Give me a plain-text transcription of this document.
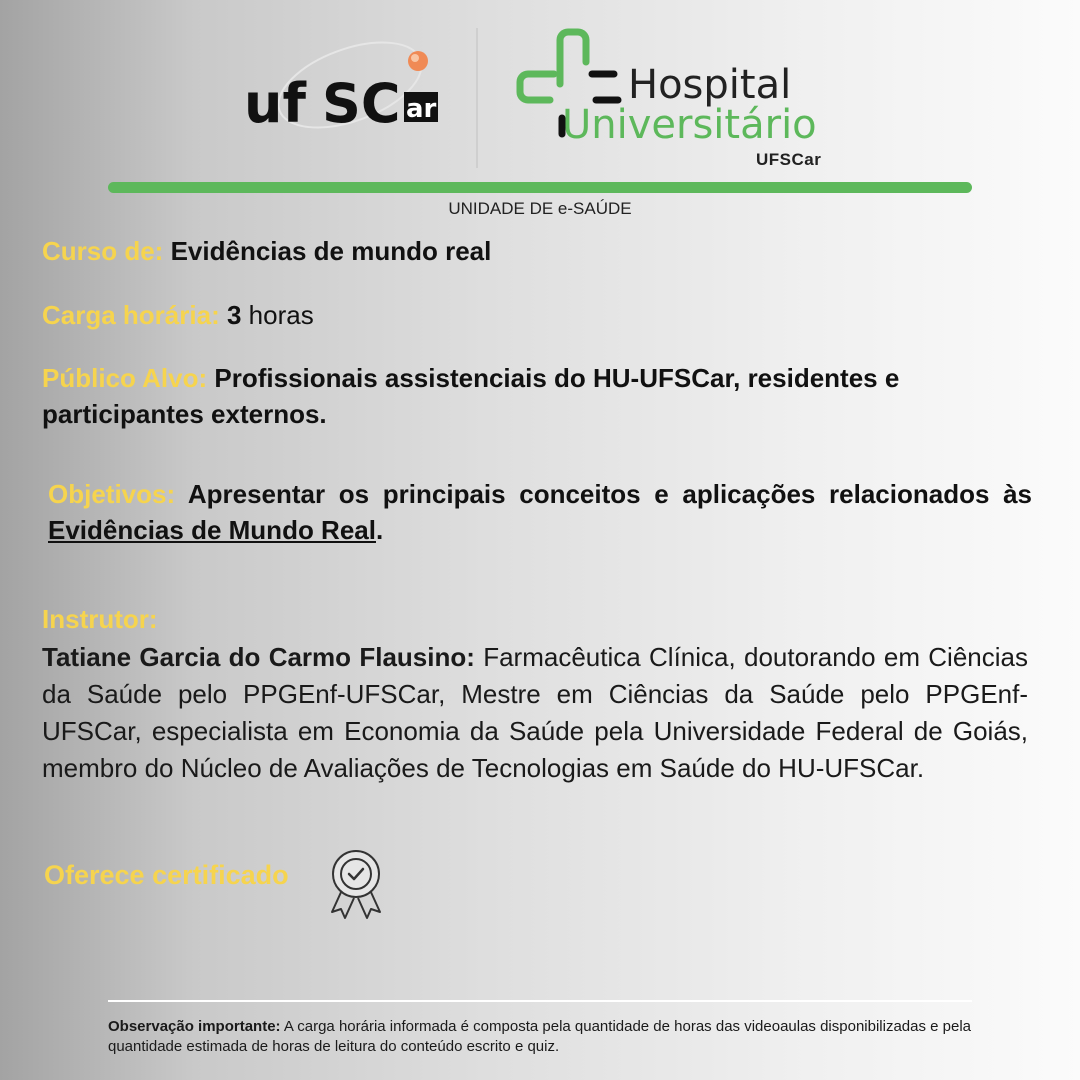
uf SC ar
Hospital
Universitário
UFSCar
UNIDADE DE e-SAÚDE
Curso de: Evidências de mundo real
Carga horária: 3 horas
Público Alvo: Profissionais assistenciais do HU-UFSCar, residentes e participantes externos.
Objetivos: Apresentar os principais conceitos e aplicações relacionados às Evidências de Mundo Real.
Instrutor:
Tatiane Garcia do Carmo Flausino: Farmacêutica Clínica, doutorando em Ciências da Saúde pelo PPGEnf-UFSCar, Mestre em Ciências da Saúde pelo PPGEnf-UFSCar, especialista em Economia da Saúde pela Universidade Federal de Goiás, membro do Núcleo de Avaliações de Tecnologias em Saúde do HU-UFSCar.
Oferece certificado
Observação importante: A carga horária informada é composta pela quantidade de horas das videoaulas disponibilizadas e pela quantidade estimada de horas de leitura do conteúdo escrito e quiz.
